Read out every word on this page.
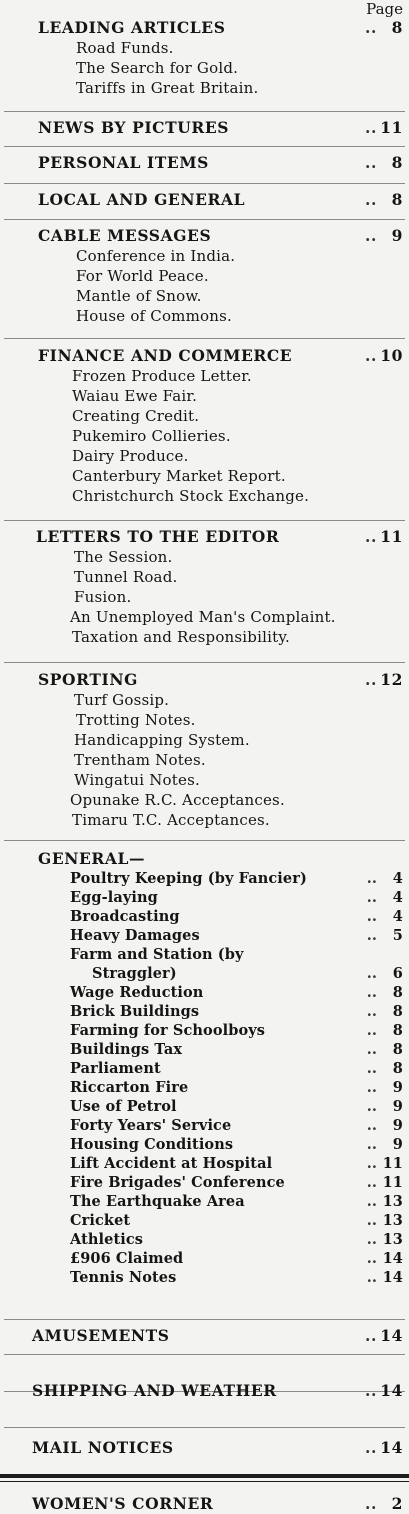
Page
LEADING ARTICLES	.. 8
Road Funds.
The Search for Gold.
Tariffs in Great Britain.
NEWS BY PICTURES	.. 11
PERSONAL ITEMS	.. 8
LOCAL AND GENERAL	.. 8
CABLE MESSAGES	.. 9
Conference in India.
For World Peace.
Mantle of Snow.
House of Commons.
FINANCE AND COMMERCE	.. 10
Frozen Produce Letter.
Waiau Ewe Fair.
Creating Credit.
Pukemiro Collieries.
Dairy Produce.
Canterbury Market Report.
Christchurch Stock Exchange.
LETTERS TO THE EDITOR	.. 11
The Session.
Tunnel Road.
Fusion.
An Unemployed Man's Complaint.
Taxation and Responsibility.
SPORTING	.. 12
Turf Gossip.
Trotting Notes.
Handicapping System.
Trentham Notes.
Wingatui Notes.
Opunake R.C. Acceptances.
Timaru T.C. Acceptances.
GENERAL—
Poultry Keeping (by Fancier)	.. 4
Egg-laying	.. 4
Broadcasting	.. 4
Heavy Damages	.. 5
Farm and Station (by
Straggler)	.. 6
Wage Reduction	.. 8
Brick Buildings	.. 8
Farming for Schoolboys	.. 8
Buildings Tax	.. 8
Parliament	.. 8
Riccarton Fire	.. 9
Use of Petrol	.. 9
Forty Years' Service	.. 9
Housing Conditions	.. 9
Lift Accident at Hospital	.. 11
Fire Brigades' Conference	.. 11
The Earthquake Area	.. 13
Cricket	.. 13
Athletics	.. 13
£906 Claimed	.. 14
Tennis Notes	.. 14
AMUSEMENTS	.. 14
SHIPPING AND WEATHER	.. 14
MAIL NOTICES	.. 14
WOMEN'S CORNER	.. 2
